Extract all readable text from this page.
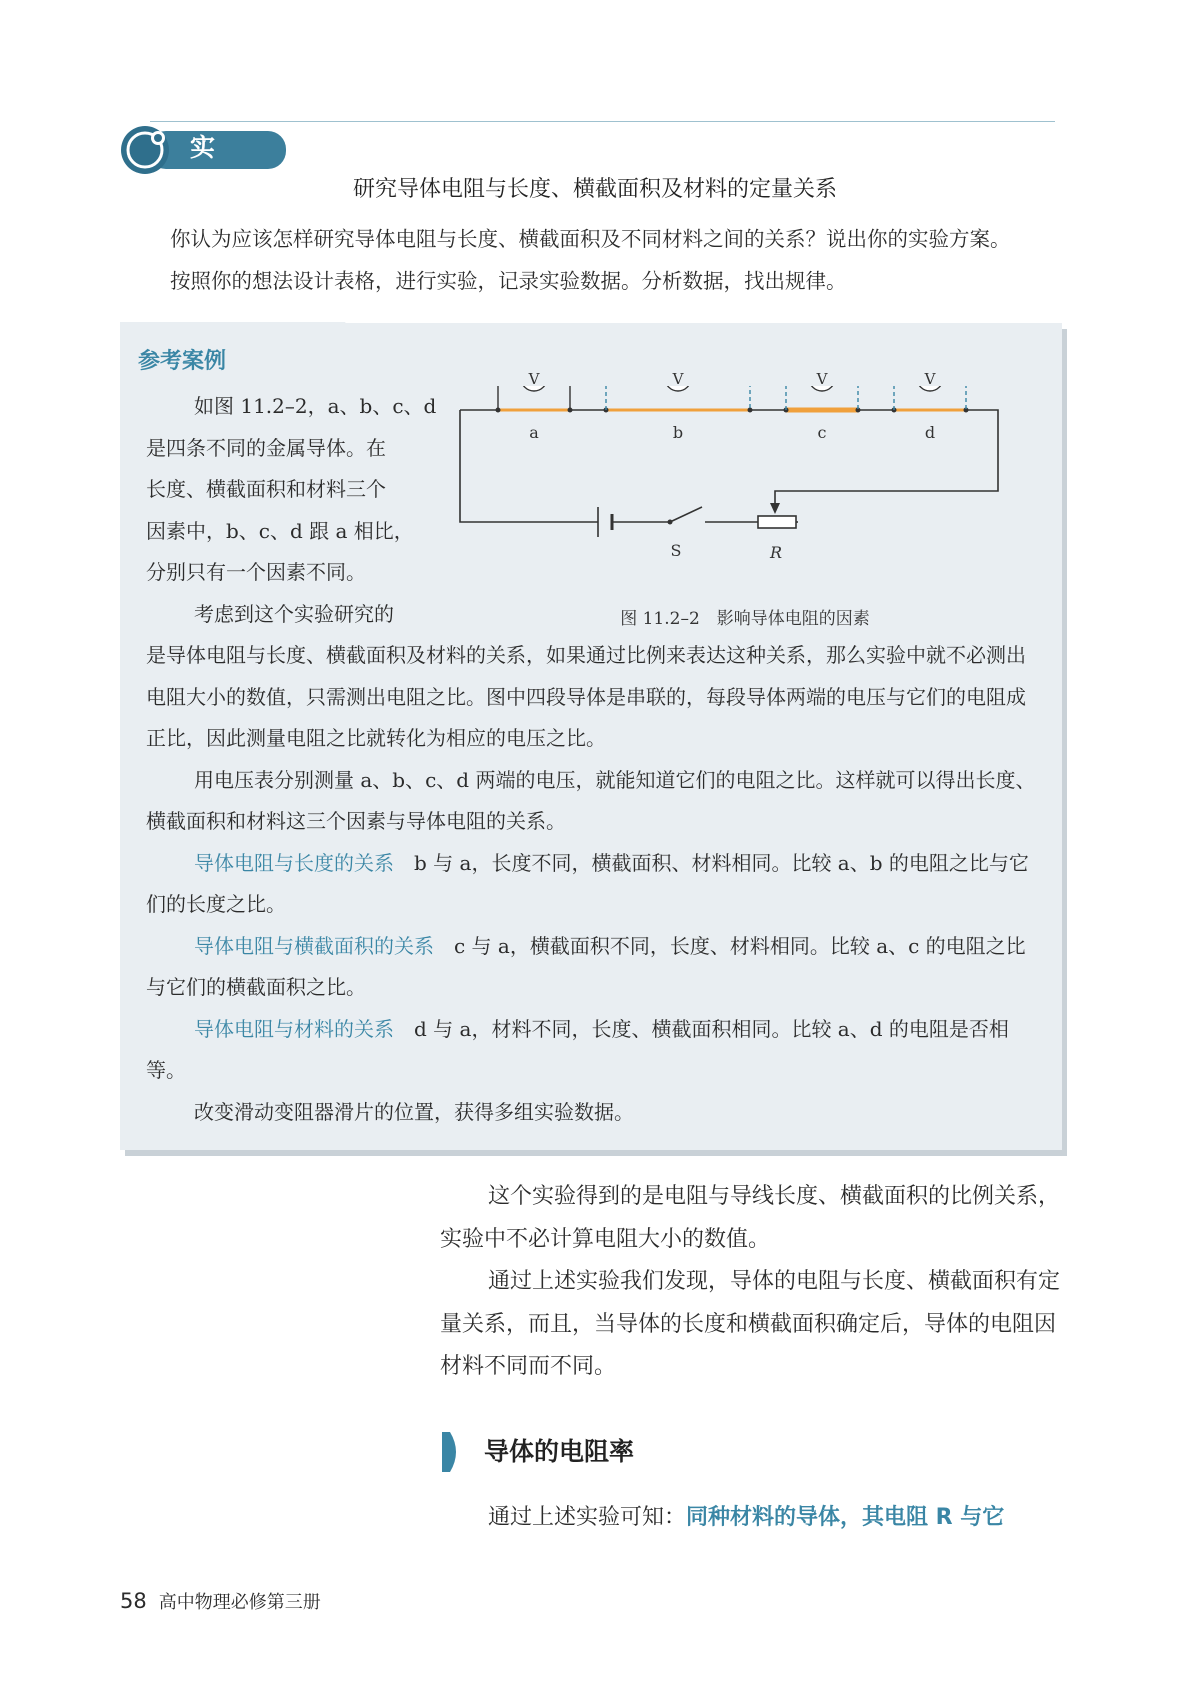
实 验	研究导体电阻与长度、横截面积及材料的定量关系

你认为应该怎样研究导体电阻与长度、横截面积及不同材料之间的关系？说出你的实验方案。

按照你的想法设计表格，进行实验，记录实验数据。分析数据，找出规律。

参考案例

如图 11.2–2，a、b、c、d

是四条不同的金属导体。在

长度、横截面积和材料三个

因素中，b、c、d 跟 a 相比，

分别只有一个因素不同。

考虑到这个实验研究的

是导体电阻与长度、横截面积及材料的关系，如果通过比例来表达这种关系，那么实验中就不必测出电阻大小的数值，只需测出电阻之比。图中四段导体是串联的，每段导体两端的电压与它们的电阻成正比，因此测量电阻之比就转化为相应的电压之比。

用电压表分别测量 a、b、c、d 两端的电压，就能知道它们的电阻之比。这样就可以得出长度、横截面积和材料这三个因素与导体电阻的关系。

导体电阻与长度的关系　b 与 a，长度不同，横截面积、材料相同。比较 a、b 的电阻之比与它们的长度之比。

导体电阻与横截面积的关系　c 与 a，横截面积不同，长度、材料相同。比较 a、c 的电阻之比与它们的横截面积之比。

导体电阻与材料的关系　d 与 a，材料不同，长度、横截面积相同。比较 a、d 的电阻是否相等。

改变滑动变阻器滑片的位置，获得多组实验数据。

a	b	c	d
S	R
V	V	V	V
图 11.2–2　影响导体电阻的因素

这个实验得到的是电阻与导线长度、横截面积的比例关系，实验中不必计算电阻大小的数值。

通过上述实验我们发现，导体的电阻与长度、横截面积有定量关系，而且，当导体的长度和横截面积确定后，导体的电阻因材料不同而不同。

导体的电阻率
通过上述实验可知：同种材料的导体，其电阻 R 与它
58 高中物理必修第三册
